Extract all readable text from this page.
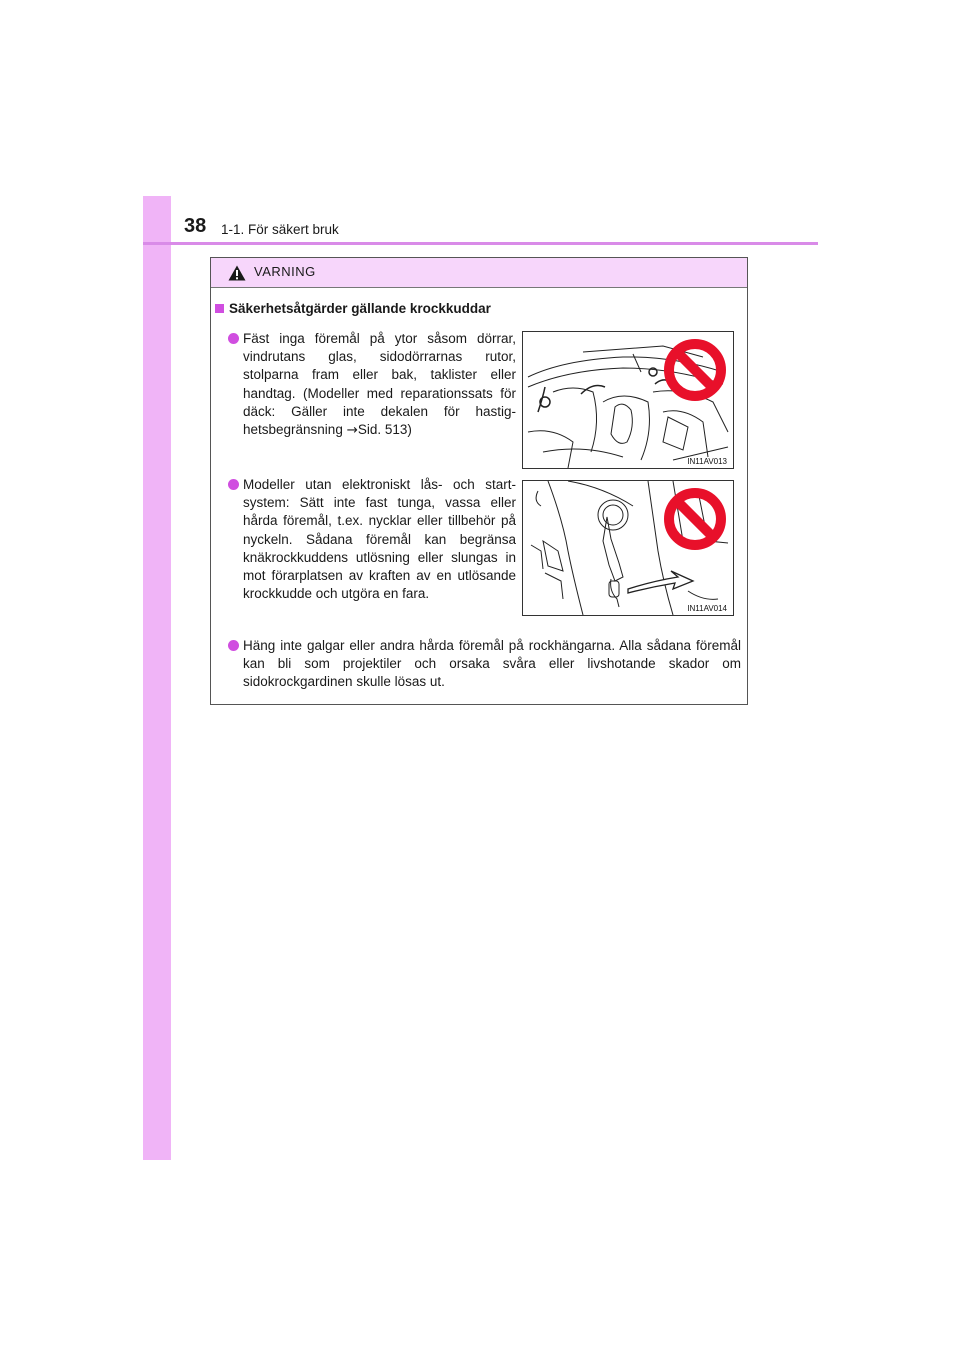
38 1-1. För säkert bruk
VARNING
Säkerhetsåtgärder gällande krockkuddar
Fäst inga föremål på ytor såsom dörrar, vindrutans glas, sidodörrarnas rutor, stolparna fram eller bak, taklister eller handtag. (Modeller med reparationssats för däck: Gäller inte dekalen för hastighetsbegränsning →Sid. 513)
IN11AV013
Modeller utan elektroniskt lås- och startsystem: Sätt inte fast tunga, vassa eller hårda föremål, t.ex. nycklar eller tillbehör på nyckeln. Sådana föremål kan begränsa knäkrockkuddens utlösning eller slungas in mot förarplatsen av kraften av en utlösande krockkudde och utgöra en fara.
IN11AV014
Häng inte galgar eller andra hårda föremål på rockhängarna. Alla sådana föremål kan bli som projektiler och orsaka svåra eller livshotande skador om sidokrockgardinen skulle lösas ut.
